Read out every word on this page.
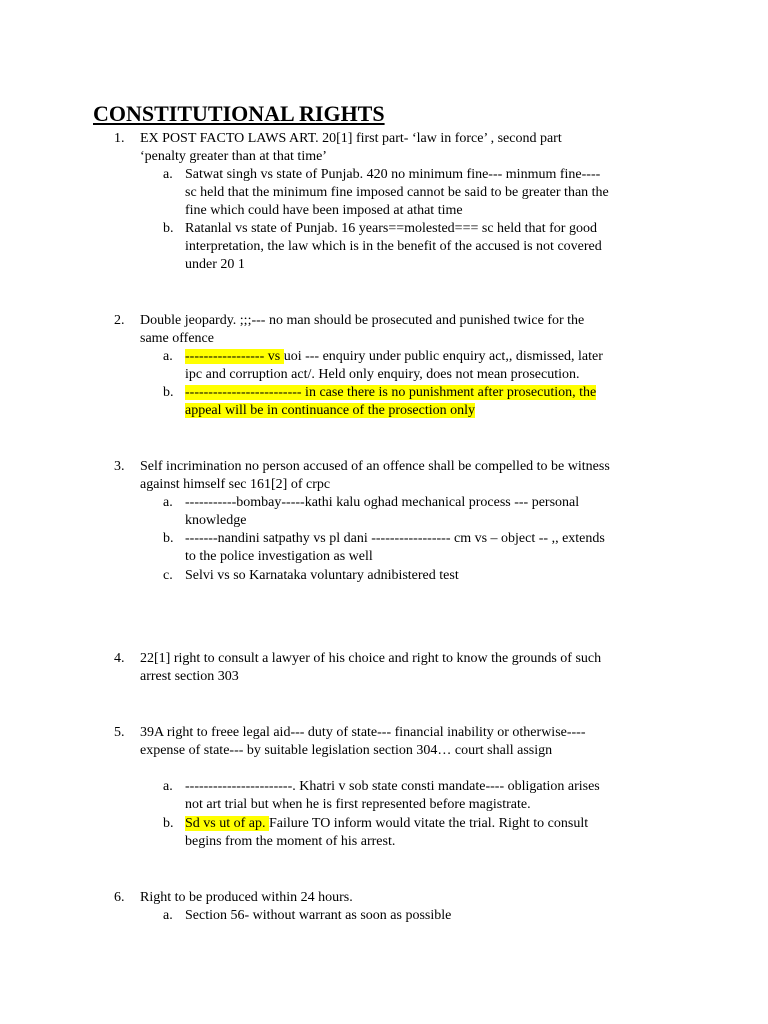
CONSTITUTIONAL RIGHTS
1.	EX POST FACTO LAWS ART. 20[1] first part- ‘law in force’ , second part
‘penalty greater than at that time’
a. Satwat singh vs state of Punjab. 420 no minimum fine--- minmum fine----
sc held that the minimum fine imposed cannot be said to be greater than the
fine which could have been imposed at athat time
b. Ratanlal vs state of Punjab. 16 years==molested=== sc held that for good
interpretation, the law which is in the benefit of the accused is not covered
under 20 1
2.	Double jeopardy. ;;;--- no man should be prosecuted and punished twice for the
same offence
a. ----------------- vs uoi --- enquiry under public enquiry act,, dismissed, later
ipc and corruption act/. Held only enquiry, does not mean prosecution.
b. ------------------------- in case there is no punishment after prosecution, the
appeal will be in continuance of the prosection only
3.	Self incrimination no person accused of an offence shall be compelled to be witness
against himself sec 161[2] of crpc
a. -----------bombay-----kathi kalu oghad mechanical process --- personal
knowledge
b. -------nandini satpathy vs pl dani ----------------- cm vs – object -- ,, extends
to the police investigation as well
c. Selvi vs so Karnataka voluntary adnibistered test
4.	22[1] right to consult a lawyer of his choice and right to know the grounds of such
arrest section 303
5.	39A right to freee legal aid--- duty of state--- financial inability or otherwise----
expense of state--- by suitable legislation section 304… court shall assign
a. -----------------------. Khatri v sob state consti mandate---- obligation arises
not art trial but when he is first represented before magistrate.
b. Sd vs ut of ap. Failure TO inform would vitate the trial. Right to consult
begins from the moment of his arrest.
6.	Right to be produced within 24 hours.
a. Section 56- without warrant as soon as possible
